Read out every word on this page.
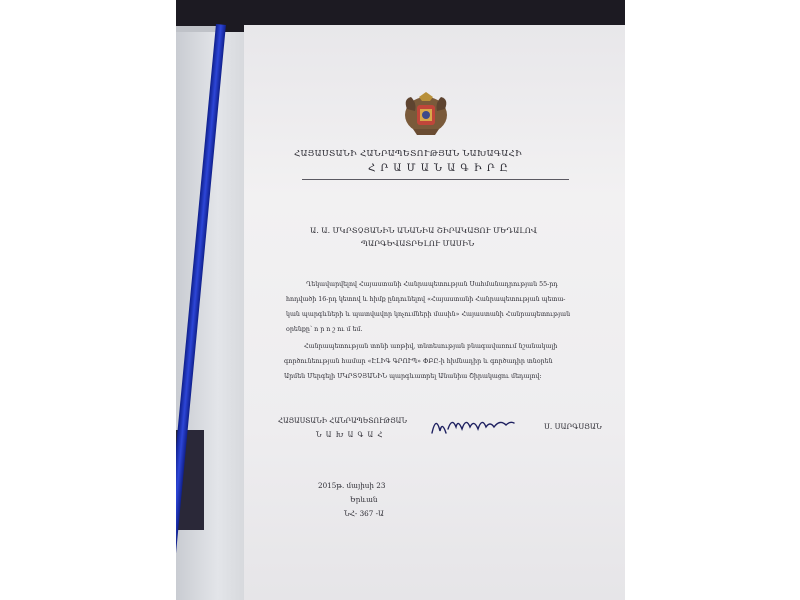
ՀԱՅԱՍՏԱՆԻ ՀԱՆՐԱՊԵՏՈՒԹՅԱՆ ՆԱԽԱԳԱՀԻ
Հ Ր Ա Մ Ա Ն Ա Գ Ի Ր Ը
Ա. Ա. ՄԿՐՏՉՅԱՆԻՆ ԱՆԱՆԻԱ ՇԻՐԱԿԱՑՈՒ ՄԵԴԱԼՈՎ
ՊԱՐԳԵՎԱՏՐԵԼՈՒ ՄԱՍԻՆ
Ղեկավարվելով Հայաստանի Հանրապետության Սահմանադրության 55-րդ
հոդվածի 16-րդ կետով և հիմք ընդունելով «Հայաստանի Հանրապետության պետա-
կան պարգևների և պատվավոր կոչումների մասին» Հայաստանի Հանրապետության
օրենքը՝ ո ր ո շ ու մ եմ.
Հանրապետության տոնի առթիվ, տնտեսության բնագավառում նշանակալի
գործունեության համար «ԷԼԻԳ ԳՐՈՒՊ» ՓԲԸ-ի հիմնադիր և գործադիր տնօրեն
Արմեն Մերգելի ՄԿՐՏՉՅԱՆԻՆ պարգևատրել Անանիա Շիրակացու մեդալով:
ՀԱՅԱՍՏԱՆԻ ՀԱՆՐԱՊԵՏՈՒԹՅԱՆ
Ն Ա Խ Ա Գ Ա Հ
Ս. ՍԱՐԳՍՅԱՆ
2015թ. մայիսի 23
Երևան
ՆՀ- 367 -Ա
